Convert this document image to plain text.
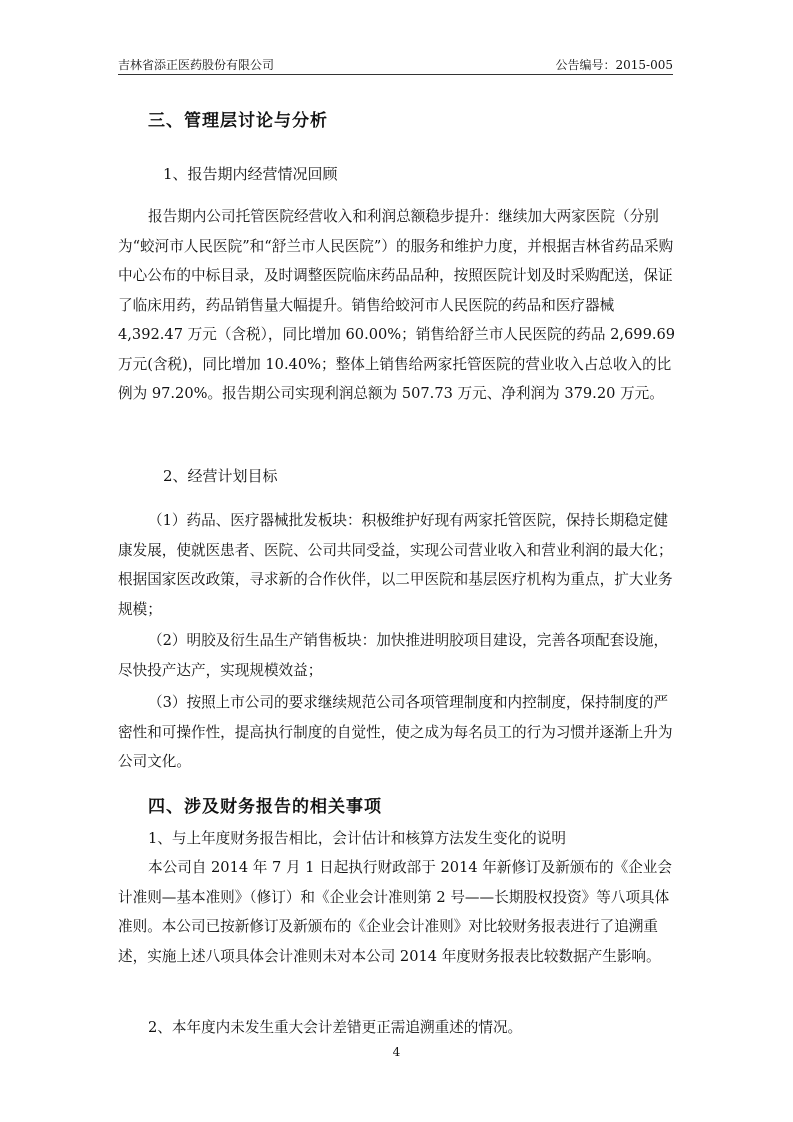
吉林省添正医药股份有限公司	公告编号：2015-005
三、管理层讨论与分析
1、报告期内经营情况回顾
报告期内公司托管医院经营收入和利润总额稳步提升：继续加大两家医院（分别为“蛟河市人民医院”和“舒兰市人民医院”）的服务和维护力度，并根据吉林省药品采购中心公布的中标目录，及时调整医院临床药品品种，按照医院计划及时采购配送，保证了临床用药，药品销售量大幅提升。销售给蛟河市人民医院的药品和医疗器械 4,392.47 万元（含税），同比增加 60.00%；销售给舒兰市人民医院的药品 2,699.69 万元(含税)，同比增加 10.40%；整体上销售给两家托管医院的营业收入占总收入的比例为 97.20%。报告期公司实现利润总额为 507.73 万元、净利润为 379.20 万元。
2、经营计划目标
（1）药品、医疗器械批发板块：积极维护好现有两家托管医院，保持长期稳定健康发展，使就医患者、医院、公司共同受益，实现公司营业收入和营业利润的最大化；根据国家医改政策，寻求新的合作伙伴，以二甲医院和基层医疗机构为重点，扩大业务规模；
（2）明胶及衍生品生产销售板块：加快推进明胶项目建设，完善各项配套设施，尽快投产达产，实现规模效益；
（3）按照上市公司的要求继续规范公司各项管理制度和内控制度，保持制度的严密性和可操作性，提高执行制度的自觉性，使之成为每名员工的行为习惯并逐渐上升为公司文化。
四、涉及财务报告的相关事项
1、与上年度财务报告相比，会计估计和核算方法发生变化的说明
本公司自 2014 年 7 月 1 日起执行财政部于 2014 年新修订及新颁布的《企业会计准则—基本准则》（修订）和《企业会计准则第 2 号——长期股权投资》等八项具体准则。本公司已按新修订及新颁布的《企业会计准则》对比较财务报表进行了追溯重述，实施上述八项具体会计准则未对本公司 2014 年度财务报表比较数据产生影响。
2、本年度内未发生重大会计差错更正需追溯重述的情况。
4
